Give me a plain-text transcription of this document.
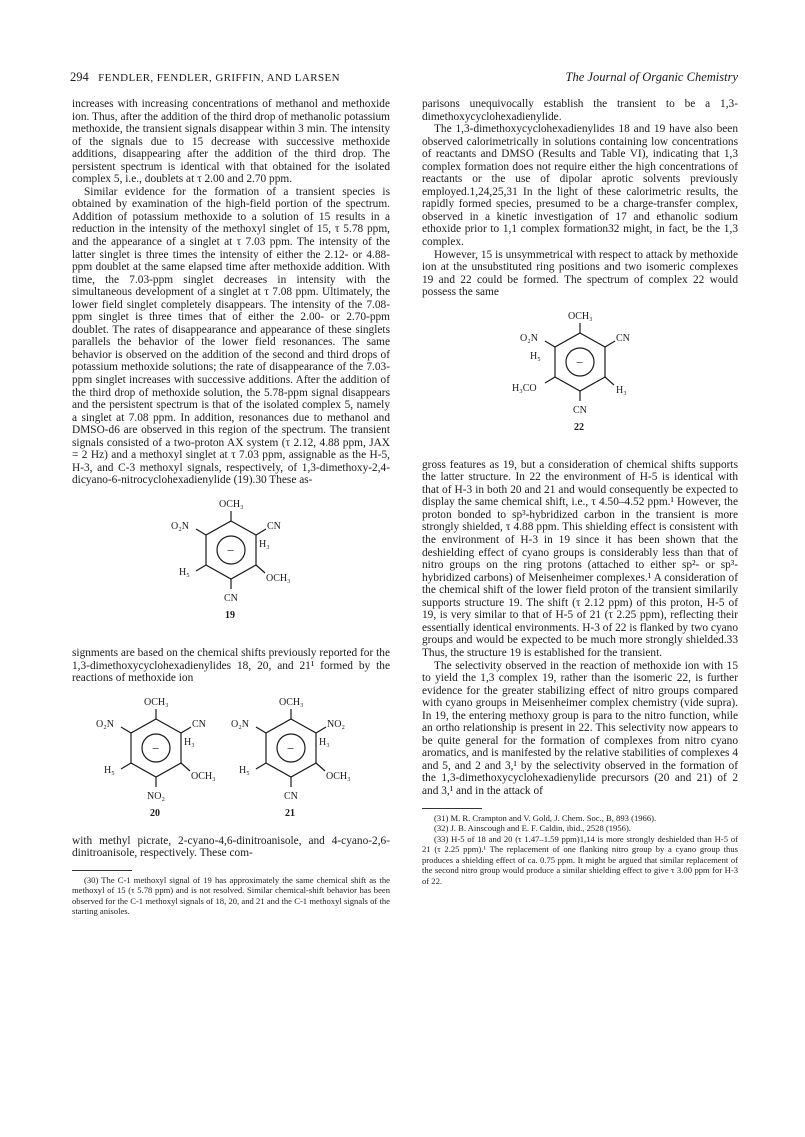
294 FENDLER, FENDLER, GRIFFIN, AND LARSEN	The Journal of Organic Chemistry

increases with increasing concentrations of methanol and methoxide ion. Thus, after the addition of the third drop of methanolic potassium methoxide, the transient signals disappear within 3 min. The intensity of the signals due to 15 decrease with successive methoxide additions, disappearing after the addition of the third drop. The persistent spectrum is identical with that obtained for the isolated complex 5, i.e., doublets at τ 2.00 and 2.70 ppm.

Similar evidence for the formation of a transient species is obtained by examination of the high-field portion of the spectrum. Addition of potassium methoxide to a solution of 15 results in a reduction in the intensity of the methoxyl singlet of 15, τ 5.78 ppm, and the appearance of a singlet at τ 7.03 ppm. The intensity of the latter singlet is three times the intensity of either the 2.12- or 4.88-ppm doublet at the same elapsed time after methoxide addition. With time, the 7.03-ppm singlet decreases in intensity with the simultaneous development of a singlet at τ 7.08 ppm. Ultimately, the lower field singlet completely disappears. The intensity of the 7.08-ppm singlet is three times that of either the 2.00- or 2.70-ppm doublet. The rates of disappearance and appearance of these singlets parallels the behavior of the lower field resonances. The same behavior is observed on the addition of the second and third drops of potassium methoxide solutions; the rate of disappearance of the 7.03-ppm singlet increases with successive additions. After the addition of the third drop of methoxide solution, the 5.78-ppm signal disappears and the persistent spectrum is that of the isolated complex 5, namely a singlet at 7.08 ppm. In addition, resonances due to methanol and DMSO-d6 are observed in this region of the spectrum. The transient signals consisted of a two-proton AX system (τ 2.12, 4.88 ppm, JAX = 2 Hz) and a methoxyl singlet at τ 7.03 ppm, assignable as the H-5, H-3, and C-3 methoxyl signals, respectively, of 1,3-dimethoxy-2,4-dicyano-6-nitrocyclohexadienylide (19).30 These as-

−
OCH₃
O₂N	CN
H₃
H₅
OCH₃
CN
19

signments are based on the chemical shifts previously reported for the 1,3-dimethoxycyclohexadienylides 18, 20, and 21¹ formed by the reactions of methoxide ion

−
OCH₃
O₂N	CN
H₃
H₅
OCH₃
NO₂
20
−
OCH₃
O₂N	NO₂
H₃
H₅
OCH₃
CN
21

with methyl picrate, 2-cyano-4,6-dinitroanisole, and 4-cyano-2,6-dinitroanisole, respectively. These com-

(30) The C-1 methoxyl signal of 19 has approximately the same chemical shift as the methoxyl of 15 (τ 5.78 ppm) and is not resolved. Similar chemical-shift behavior has been observed for the C-1 methoxyl signals of 18, 20, and 21 and the C-1 methoxyl signals of the starting anisoles.

parisons unequivocally establish the transient to be a 1,3-dimethoxycyclohexadienylide.

The 1,3-dimethoxycyclohexadienylides 18 and 19 have also been observed calorimetrically in solutions containing low concentrations of reactants and DMSO (Results and Table VI), indicating that 1,3 complex formation does not require either the high concentrations of reactants or the use of dipolar aprotic solvents previously employed.1,24,25,31 In the light of these calorimetric results, the rapidly formed species, presumed to be a charge-transfer complex, observed in a kinetic investigation of 17 and ethanolic sodium ethoxide prior to 1,1 complex formation32 might, in fact, be the 1,3 complex.

However, 15 is unsymmetrical with respect to attack by methoxide ion at the unsubstituted ring positions and two isomeric complexes 19 and 22 could be formed. The spectrum of complex 22 would possess the same

−
OCH₃
O₂N	CN
H₅
H₃CO	H₃
CN
22

gross features as 19, but a consideration of chemical shifts supports the latter structure. In 22 the environment of H-5 is identical with that of H-3 in both 20 and 21 and would consequently be expected to display the same chemical shift, i.e., τ 4.50–4.52 ppm.¹ However, the proton bonded to sp³-hybridized carbon in the transient is more strongly shielded, τ 4.88 ppm. This shielding effect is consistent with the environment of H-3 in 19 since it has been shown that the deshielding effect of cyano groups is considerably less than that of nitro groups on the ring protons (attached to either sp²- or sp³-hybridized carbons) of Meisenheimer complexes.¹ A consideration of the chemical shift of the lower field proton of the transient similarily supports structure 19. The shift (τ 2.12 ppm) of this proton, H-5 of 19, is very similar to that of H-5 of 21 (τ 2.25 ppm), reflecting their essentially identical environments. H-3 of 22 is flanked by two cyano groups and would be expected to be much more strongly shielded.33 Thus, the structure 19 is established for the transient.

The selectivity observed in the reaction of methoxide ion with 15 to yield the 1,3 complex 19, rather than the isomeric 22, is further evidence for the greater stabilizing effect of nitro groups compared with cyano groups in Meisenheimer complex chemistry (vide supra). In 19, the entering methoxy group is para to the nitro function, while an ortho relationship is present in 22. This selectivity now appears to be quite general for the formation of complexes from nitro cyano aromatics, and is manifested by the relative stabilities of complexes 4 and 5, and 2 and 3,¹ by the selectivity observed in the formation of the 1,3-dimethoxycyclohexadienylide precursors (20 and 21) of 2 and 3,¹ and in the attack of

(31) M. R. Crampton and V. Gold, J. Chem. Soc., B, 893 (1966).

(32) J. B. Ainscough and E. F. Caldin, ibid., 2528 (1956).

(33) H-5 of 18 and 20 (τ 1.47–1.59 ppm)1,14 is more strongly deshielded than H-5 of 21 (τ 2.25 ppm).¹ The replacement of one flanking nitro group by a cyano group thus produces a shielding effect of ca. 0.75 ppm. It might be argued that similar replacement of the second nitro group would produce a similar shielding effect to give τ 3.00 ppm for H-3 of 22.
